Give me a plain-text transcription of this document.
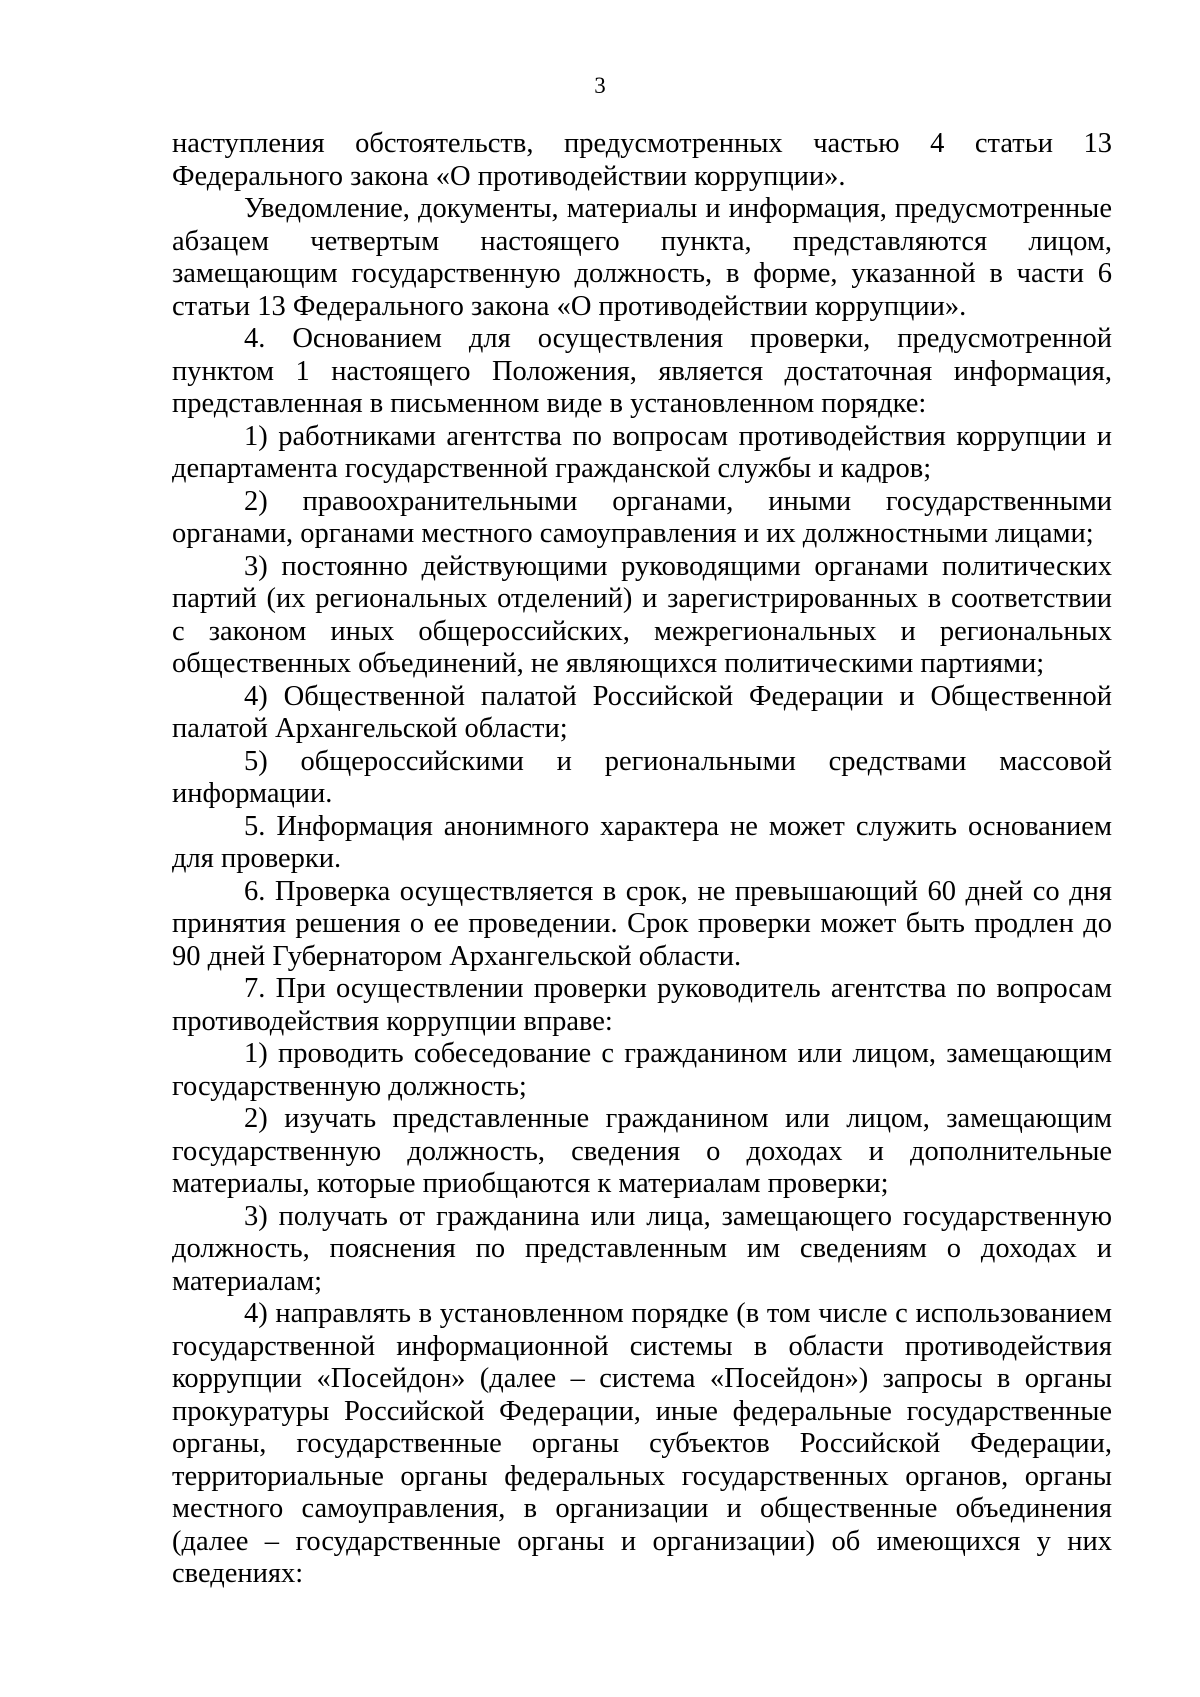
3

наступления обстоятельств, предусмотренных частью 4 статьи 13 Федерального закона «О противодействии коррупции».

Уведомление, документы, материалы и информация, предусмотренные абзацем четвертым настоящего пункта, представляются лицом, замещающим государственную должность, в форме, указанной в части 6 статьи 13 Федерального закона «О противодействии коррупции».

4. Основанием для осуществления проверки, предусмотренной пунктом 1 настоящего Положения, является достаточная информация, представленная в письменном виде в установленном порядке:

1) работниками агентства по вопросам противодействия коррупции и департамента государственной гражданской службы и кадров;

2) правоохранительными органами, иными государственными органами, органами местного самоуправления и их должностными лицами;

3) постоянно действующими руководящими органами политических партий (их региональных отделений) и зарегистрированных в соответствии с законом иных общероссийских, межрегиональных и региональных общественных объединений, не являющихся политическими партиями;

4) Общественной палатой Российской Федерации и Общественной палатой Архангельской области;

5) общероссийскими и региональными средствами массовой информации.

5. Информация анонимного характера не может служить основанием для проверки.

6. Проверка осуществляется в срок, не превышающий 60 дней со дня принятия решения о ее проведении. Срок проверки может быть продлен до 90 дней Губернатором Архангельской области.

7. При осуществлении проверки руководитель агентства по вопросам противодействия коррупции вправе:

1) проводить собеседование с гражданином или лицом, замещающим государственную должность;

2) изучать представленные гражданином или лицом, замещающим государственную должность, сведения о доходах и дополнительные материалы, которые приобщаются к материалам проверки;

3) получать от гражданина или лица, замещающего государственную должность, пояснения по представленным им сведениям о доходах и материалам;

4) направлять в установленном порядке (в том числе с использованием государственной информационной системы в области противодействия коррупции «Посейдон» (далее – система «Посейдон») запросы в органы прокуратуры Российской Федерации, иные федеральные государственные органы, государственные органы субъектов Российской Федерации, территориальные органы федеральных государственных органов, органы местного самоуправления, в организации и общественные объединения (далее – государственные органы и организации) об имеющихся у них сведениях:
